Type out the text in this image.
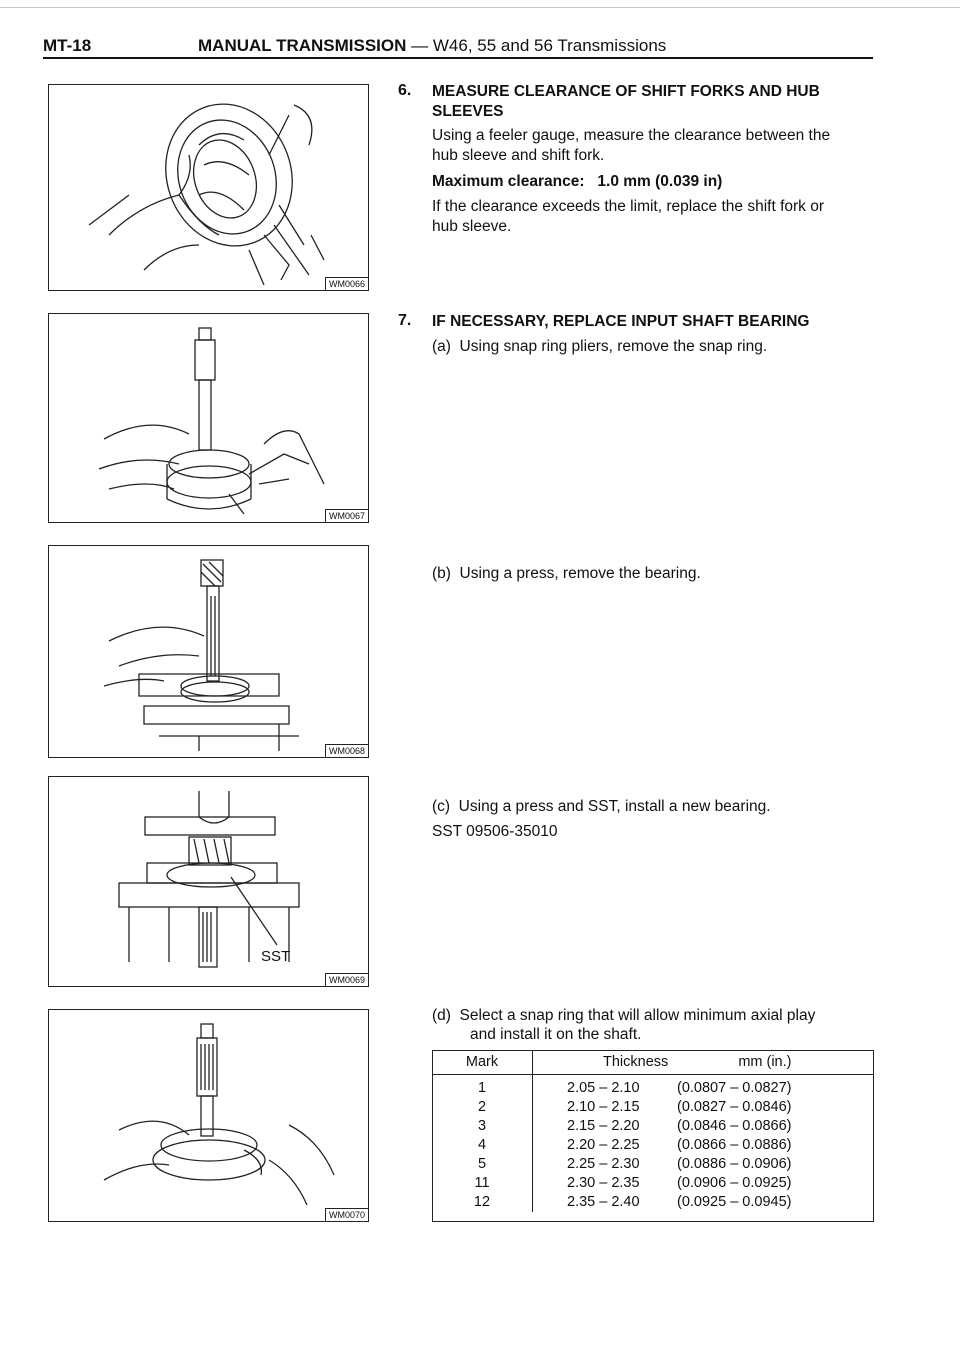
MT-18	MANUAL TRANSMISSION — W46, 55 and 56 Transmissions
WM0066
WM0067
WM0068
SST
WM0069
WM0070
6. MEASURE CLEARANCE OF SHIFT FORKS AND HUB
SLEEVES
Using a feeler gauge, measure the clearance between the
hub sleeve and shift fork.
Maximum clearance: 1.0 mm (0.039 in)
If the clearance exceeds the limit, replace the shift fork or
hub sleeve.
7. IF NECESSARY, REPLACE INPUT SHAFT BEARING
(a)  Using snap ring pliers, remove the snap ring.
(b)  Using a press, remove the bearing.
(c)  Using a press and SST, install a new bearing.
SST 09506-35010
(d)  Select a snap ring that will allow minimum axial play
and install it on the shaft.
Mark	Thickness mm (in.)	
1	2.05 – 2.10	(0.0807 – 0.0827)
2	2.10 – 2.15	(0.0827 – 0.0846)
3	2.15 – 2.20	(0.0846 – 0.0866)
4	2.20 – 2.25	(0.0866 – 0.0886)
5	2.25 – 2.30	(0.0886 – 0.0906)
11	2.30 – 2.35	(0.0906 – 0.0925)
12	2.35 – 2.40	(0.0925 – 0.0945)
